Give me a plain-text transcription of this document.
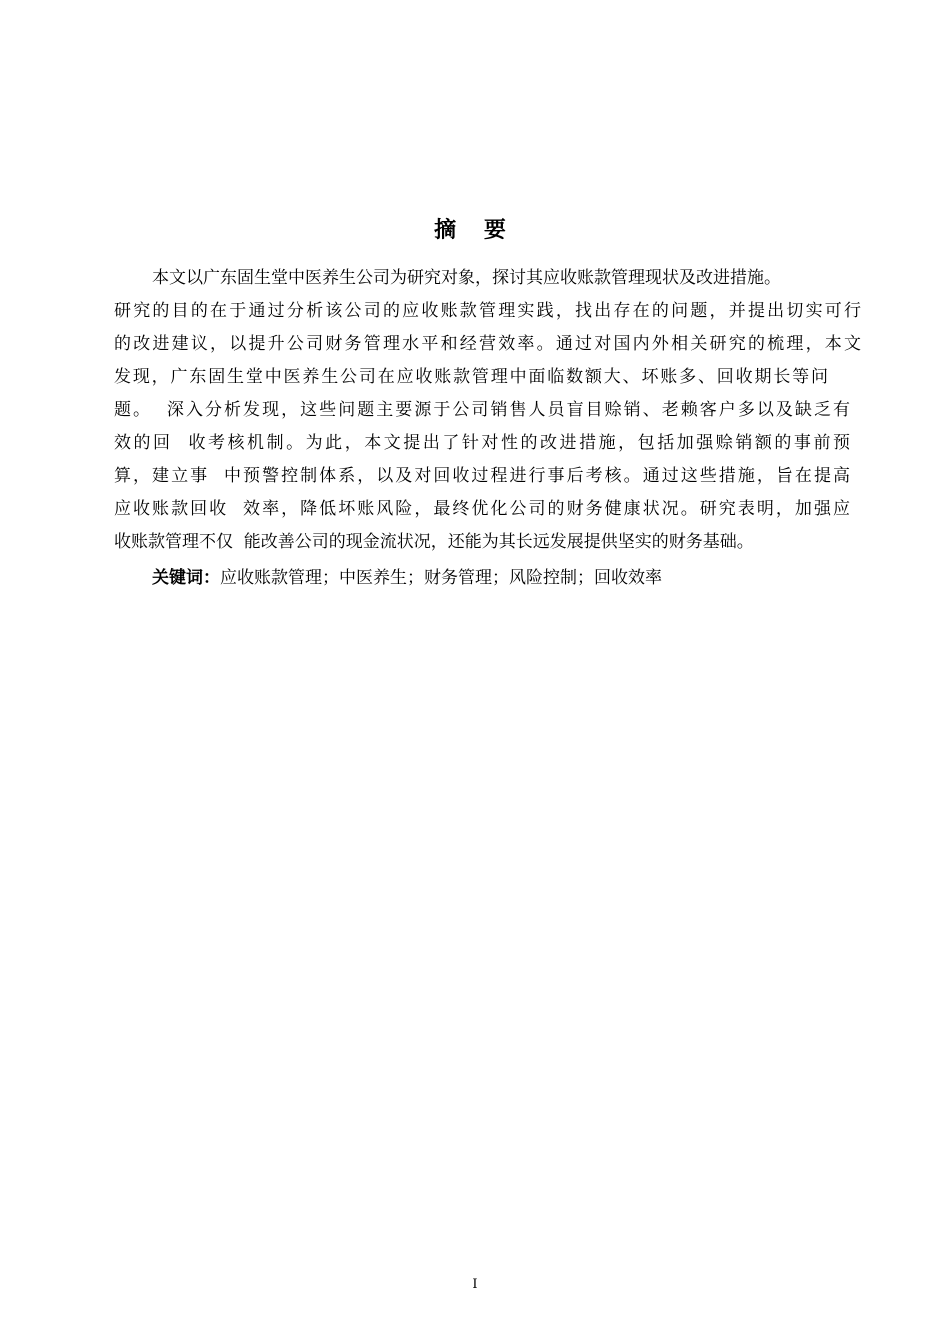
摘 要
本文以广东固生堂中医养生公司为研究对象，探讨其应收账款管理现状及改进措施。
研究的目的在于通过分析该公司的应收账款管理实践，找出存在的问题，并提出切实可行
的改进建议，以提升公司财务管理水平和经营效率。通过对国内外相关研究的梳理，本文
发现，广东固生堂中医养生公司在应收账款管理中面临数额大、坏账多、回收期长等问
题。  深入分析发现，这些问题主要源于公司销售人员盲目赊销、老赖客户多以及缺乏有
效的回  收考核机制。为此，本文提出了针对性的改进措施，包括加强赊销额的事前预
算，建立事  中预警控制体系，以及对回收过程进行事后考核。通过这些措施，旨在提高
应收账款回收  效率，降低坏账风险，最终优化公司的财务健康状况。研究表明，加强应
收账款管理不仅  能改善公司的现金流状况，还能为其长远发展提供坚实的财务基础。
关键词：应收账款管理；中医养生；财务管理；风险控制；回收效率
I
